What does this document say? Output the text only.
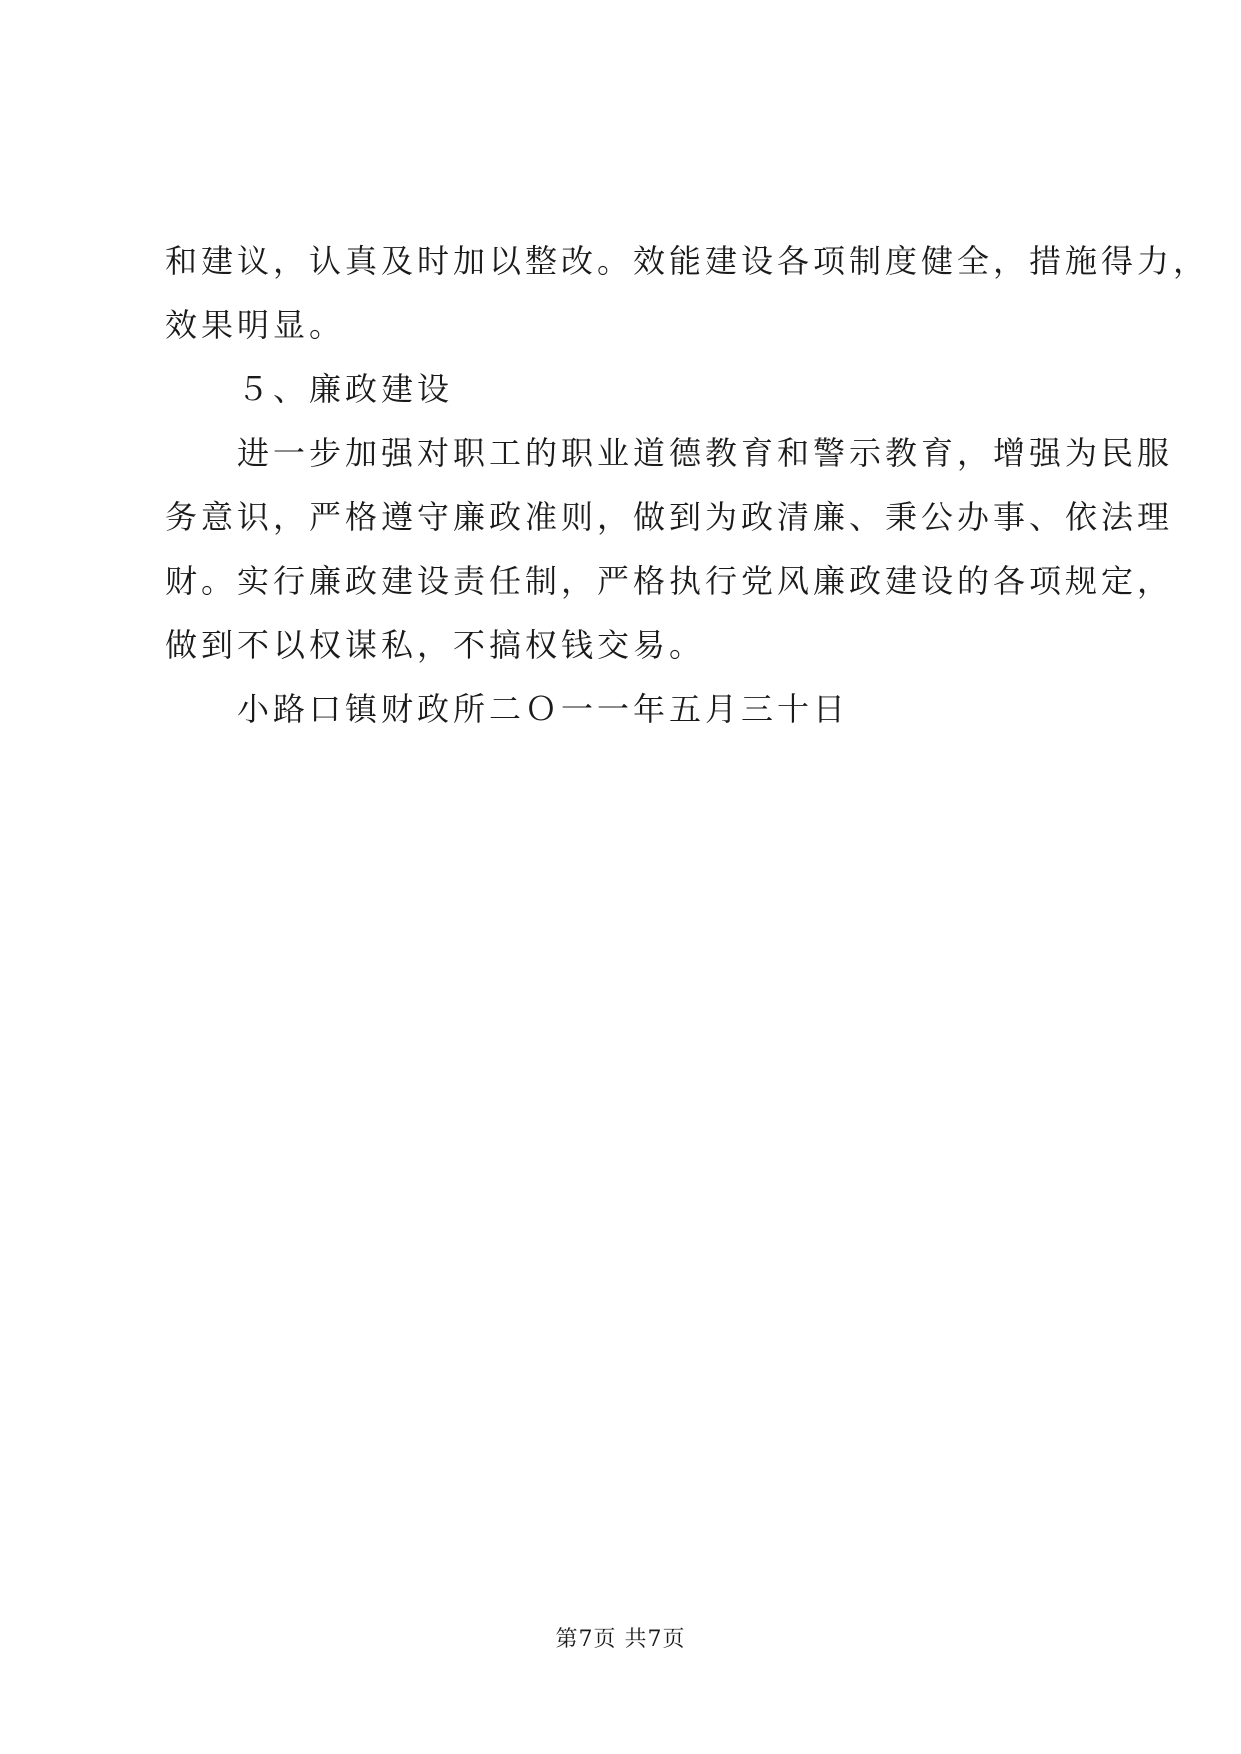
和建议，认真及时加以整改。效能建设各项制度健全，措施得力，

效果明显。

５、廉政建设

进一步加强对职工的职业道德教育和警示教育，增强为民服

务意识，严格遵守廉政准则，做到为政清廉、秉公办事、依法理

财。实行廉政建设责任制，严格执行党风廉政建设的各项规定，

做到不以权谋私，不搞权钱交易。

小路口镇财政所二Ｏ一一年五月三十日

第7页 共7页
